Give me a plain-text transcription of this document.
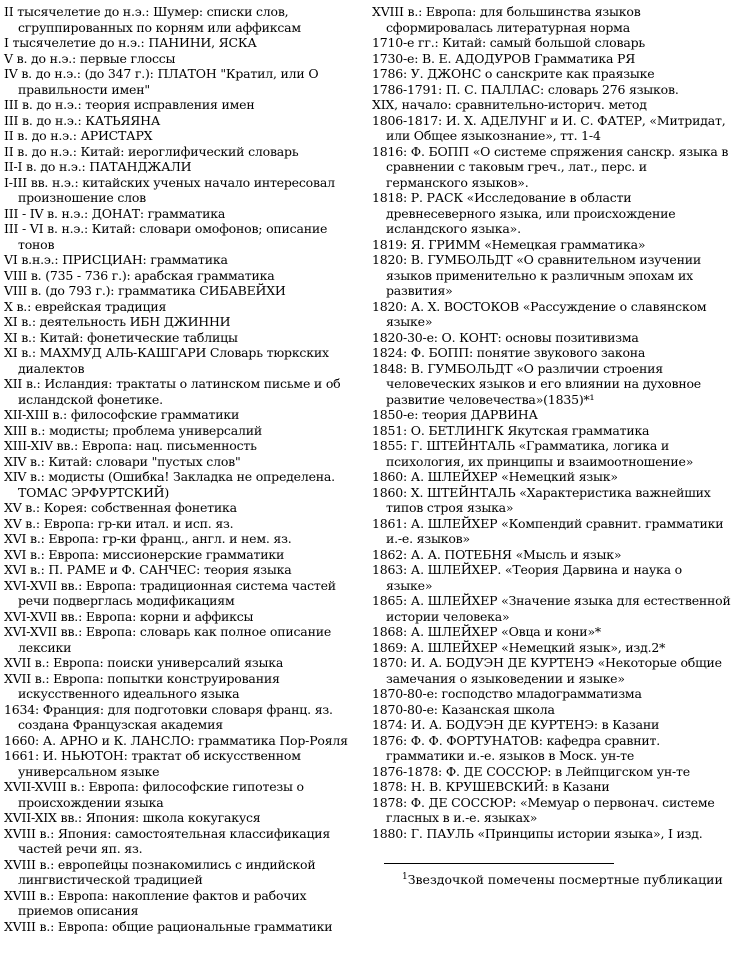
II тысячелетие до н.э.: Шумер: списки слов, сгруппированных по корням или аффиксам
I тысячелетие до н.э.: ПАНИНИ, ЯСКА
V в. до н.э.: первые глоссы
IV в. до н.э.: (до 347 г.): ПЛАТОН "Кратил, или О правильности имен"
III в. до н.э.: теория исправления имен
III в. до н.э.: КАТЬЯЯНА
II в. до н.э.: АРИСТАРХ
II в. до н.э.: Китай: иероглифический словарь
II-I в. до н.э.: ПАТАНДЖАЛИ
I-III вв. н.э.: китайских ученых начало интересовал произношение слов
III - IV в. н.э.: ДОНАТ: грамматика
III - VI в. н.э.: Китай: словари омофонов; описание тонов
VI в.н.э.: ПРИСЦИАН: грамматика
VIII в. (735 - 736 г.): арабская грамматика
VIII в. (до 793 г.): грамматика СИБАВЕЙХИ
X в.: еврейская традиция
XI в.: деятельность ИБН ДЖИННИ
XI в.: Китай: фонетические таблицы
XI в.: МАХМУД АЛЬ-КАШГАРИ Словарь тюркских диалектов
XII в.: Исландия: трактаты о латинском письме и об исландской фонетике.
XII-XIII в.: философские грамматики
XIII в.: модисты; проблема универсалий
XIII-XIV вв.: Европа: нац. письменность
XIV в.: Китай: словари "пустых слов"
XIV в.: модисты (Ошибка! Закладка не определена. ТОМАС ЭРФУРТСКИЙ)
XV в.: Корея: собственная фонетика
XV в.: Европа: гр-ки итал. и исп. яз.
XVI в.: Европа: гр-ки франц., англ. и нем. яз.
XVI в.: Европа: миссионерские грамматики
XVI в.: П. РАМЕ и Ф. САНЧЕС: теория языка
XVI-XVII вв.: Европа: традиционная система частей речи подверглась модификациям
XVI-XVII вв.: Европа: корни и аффиксы
XVI-XVII вв.: Европа: словарь как полное описание лексики
XVII в.: Европа: поиски универсалий языка
XVII в.: Европа: попытки конструирования искусственного идеального языка
1634: Франция: для подготовки словаря франц. яз. создана Французская академия
1660: А. АРНО и К. ЛАНСЛО: грамматика Пор-Рояля
1661: И. НЬЮТОН: трактат об искусственном универсальном языке
XVII-XVIII в.: Европа: философские гипотезы о происхождении языка
XVII-XIX вв.: Япония: школа кокугакуся
XVIII в.: Япония: самостоятельная классификация частей речи яп. яз.
XVIII в.: европейцы познакомились с индийской лингвистической традицией
XVIII в.: Европа: накопление фактов и рабочих приемов описания
XVIII в.: Европа: общие рациональные грамматики
XVIII в.: Европа: для большинства языков сформировалась литературная норма
1710-е гг.: Китай: самый большой словарь
1730-е: В. Е. АДОДУРОВ Грамматика РЯ
1786: У. ДЖОНС о санскрите как праязыке
1786-1791: П. С. ПАЛЛАС: словарь 276 языков.
XIX, начало: сравнительно-историч. метод
1806-1817: И. Х. АДЕЛУНГ и И. С. ФАТЕР, «Митридат, или Общее языкознание», тт. 1-4
1816: Ф. БОПП «О системе спряжения санскр. языка в сравнении с таковым греч., лат., перс. и германского языков».
1818: Р. РАСК «Исследование в области древнесеверного языка, или происхождение исландского языка».
1819: Я. ГРИММ «Немецкая грамматика»
1820: В. ГУМБОЛЬДТ «О сравнительном изучении языков применительно к различным эпохам их развития»
1820: А. Х. ВОСТОКОВ «Рассуждение о славянском языке»
1820-30-е: О. КОНТ: основы позитивизма
1824: Ф. БОПП: понятие звукового закона
1848: В. ГУМБОЛЬДТ «О различии строения человеческих языков и его влиянии на духовное развитие человечества»(1835)*¹
1850-е: теория ДАРВИНА
1851: О. БЕТЛИНГК Якутская грамматика
1855: Г. ШТЕЙНТАЛЬ «Грамматика, логика и психология, их принципы и взаимоотношение»
1860: А. ШЛЕЙХЕР «Немецкий язык»
1860: Х. ШТЕЙНТАЛЬ «Характеристика важнейших типов строя языка»
1861: А. ШЛЕЙХЕР «Компендий сравнит. грамматики и.-е. языков»
1862: А. А. ПОТЕБНЯ «Мысль и язык»
1863: А. ШЛЕЙХЕР. «Теория Дарвина и наука о языке»
1865: А. ШЛЕЙХЕР «Значение языка для естественной истории человека»
1868: А. ШЛЕЙХЕР «Овца и кони»*
1869: А. ШЛЕЙХЕР «Немецкий язык», изд.2*
1870: И. А. БОДУЭН ДЕ КУРТЕНЭ «Некоторые общие замечания о языковедении и языке»
1870-80-е: господство младограмматизма
1870-80-е: Казанская школа
1874: И. А. БОДУЭН ДЕ КУРТЕНЭ: в Казани
1876: Ф. Ф. ФОРТУНАТОВ: кафедра сравнит. грамматики и.-е. языков в Моск. ун-те
1876-1878: Ф. ДЕ СОССЮР: в Лейпцигском ун-те
1878: Н. В. КРУШЕВСКИЙ: в Казани
1878: Ф. ДЕ СОССЮР: «Мемуар о первонач. системе гласных в и.-е. языках»
1880: Г. ПАУЛЬ «Принципы истории языка», I изд.
$^1$Звездочкой помечены посмертные публикации
